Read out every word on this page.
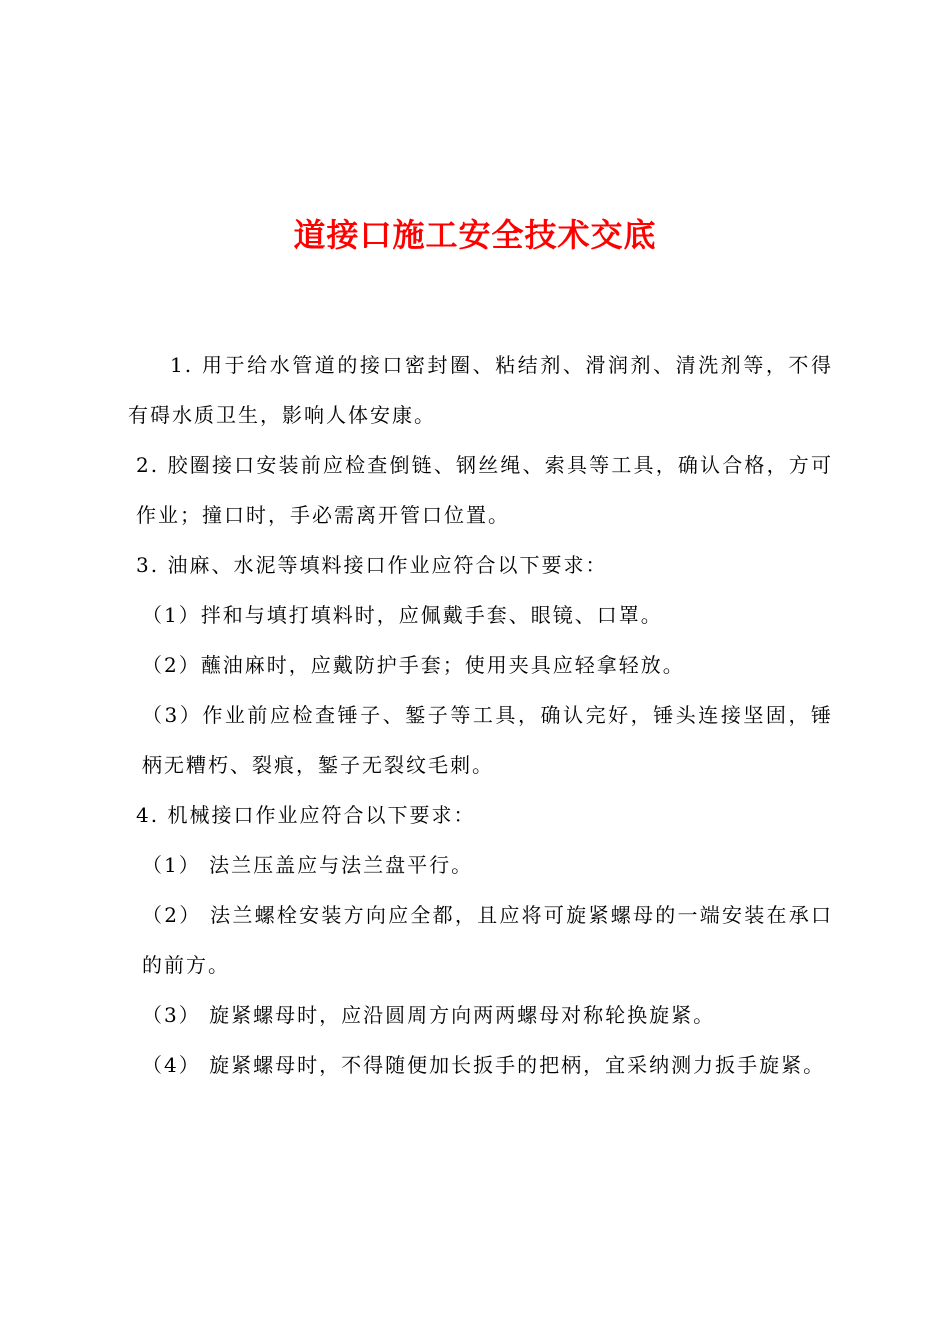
道接口施工安全技术交底

1. 用于给水管道的接口密封圈、粘结剂、滑润剂、清洗剂等，不得有碍水质卫生，影响人体安康。

2. 胶圈接口安装前应检查倒链、钢丝绳、索具等工具，确认合格，方可作业；撞口时，手必需离开管口位置。

3. 油麻、水泥等填料接口作业应符合以下要求：

（1）拌和与填打填料时，应佩戴手套、眼镜、口罩。

（2）蘸油麻时，应戴防护手套；使用夹具应轻拿轻放。

（3）作业前应检查锤子、錾子等工具，确认完好，锤头连接坚固，锤柄无糟朽、裂痕，錾子无裂纹毛刺。

4. 机械接口作业应符合以下要求：

（1） 法兰压盖应与法兰盘平行。

（2） 法兰螺栓安装方向应全都，且应将可旋紧螺母的一端安装在承口的前方。

（3） 旋紧螺母时，应沿圆周方向两两螺母对称轮换旋紧。

（4） 旋紧螺母时，不得随便加长扳手的把柄，宜采纳测力扳手旋紧。
